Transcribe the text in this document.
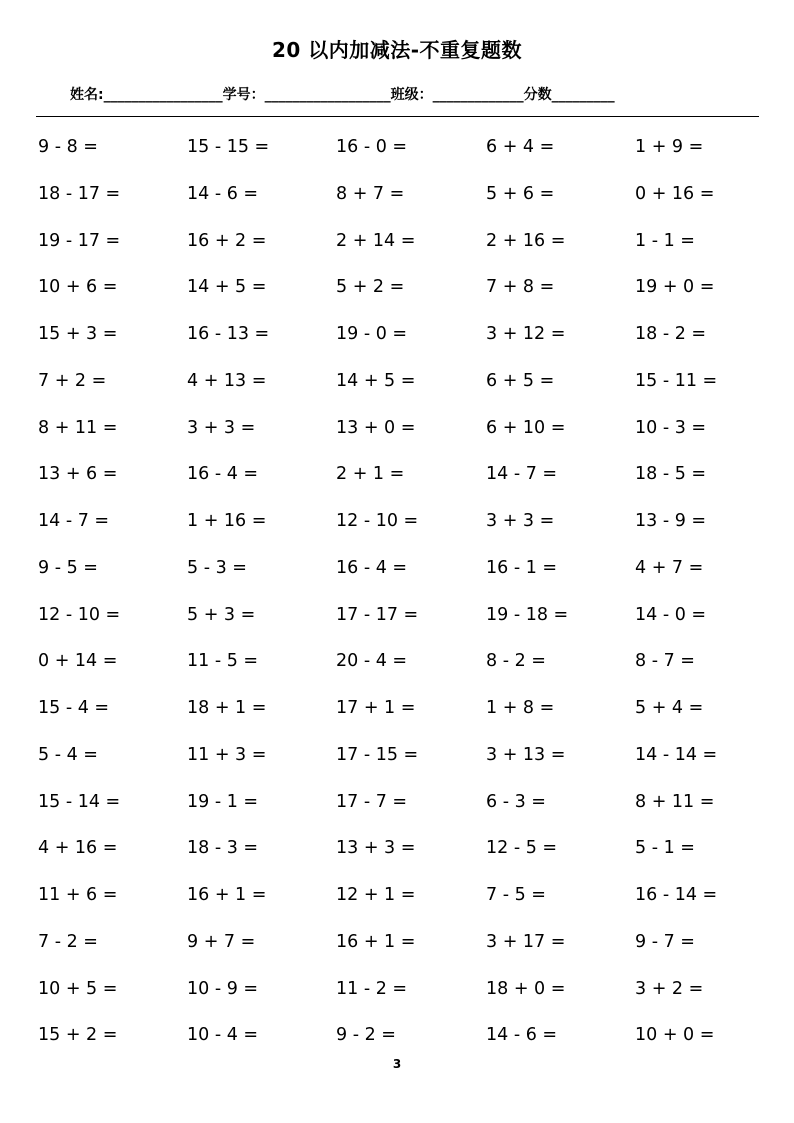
20 以内加减法-不重复题数
姓名:_________________学号：__________________班级：_____________分数_________
9 - 8 =	15 - 15 =	16 - 0 =	6 + 4 =	1 + 9 =
18 - 17 =	14 - 6 =	8 + 7 =	5 + 6 =	0 + 16 =
19 - 17 =	16 + 2 =	2 + 14 =	2 + 16 =	1 - 1 =
10 + 6 =	14 + 5 =	5 + 2 =	7 + 8 =	19 + 0 =
15 + 3 =	16 - 13 =	19 - 0 =	3 + 12 =	18 - 2 =
7 + 2 =	4 + 13 =	14 + 5 =	6 + 5 =	15 - 11 =
8 + 11 =	3 + 3 =	13 + 0 =	6 + 10 =	10 - 3 =
13 + 6 =	16 - 4 =	2 + 1 =	14 - 7 =	18 - 5 =
14 - 7 =	1 + 16 =	12 - 10 =	3 + 3 =	13 - 9 =
9 - 5 =	5 - 3 =	16 - 4 =	16 - 1 =	4 + 7 =
12 - 10 =	5 + 3 =	17 - 17 =	19 - 18 =	14 - 0 =
0 + 14 =	11 - 5 =	20 - 4 =	8 - 2 =	8 - 7 =
15 - 4 =	18 + 1 =	17 + 1 =	1 + 8 =	5 + 4 =
5 - 4 =	11 + 3 =	17 - 15 =	3 + 13 =	14 - 14 =
15 - 14 =	19 - 1 =	17 - 7 =	6 - 3 =	8 + 11 =
4 + 16 =	18 - 3 =	13 + 3 =	12 - 5 =	5 - 1 =
11 + 6 =	16 + 1 =	12 + 1 =	7 - 5 =	16 - 14 =
7 - 2 =	9 + 7 =	16 + 1 =	3 + 17 =	9 - 7 =
10 + 5 =	10 - 9 =	11 - 2 =	18 + 0 =	3 + 2 =
15 + 2 =	10 - 4 =	9 - 2 =	14 - 6 =	10 + 0 =
3
